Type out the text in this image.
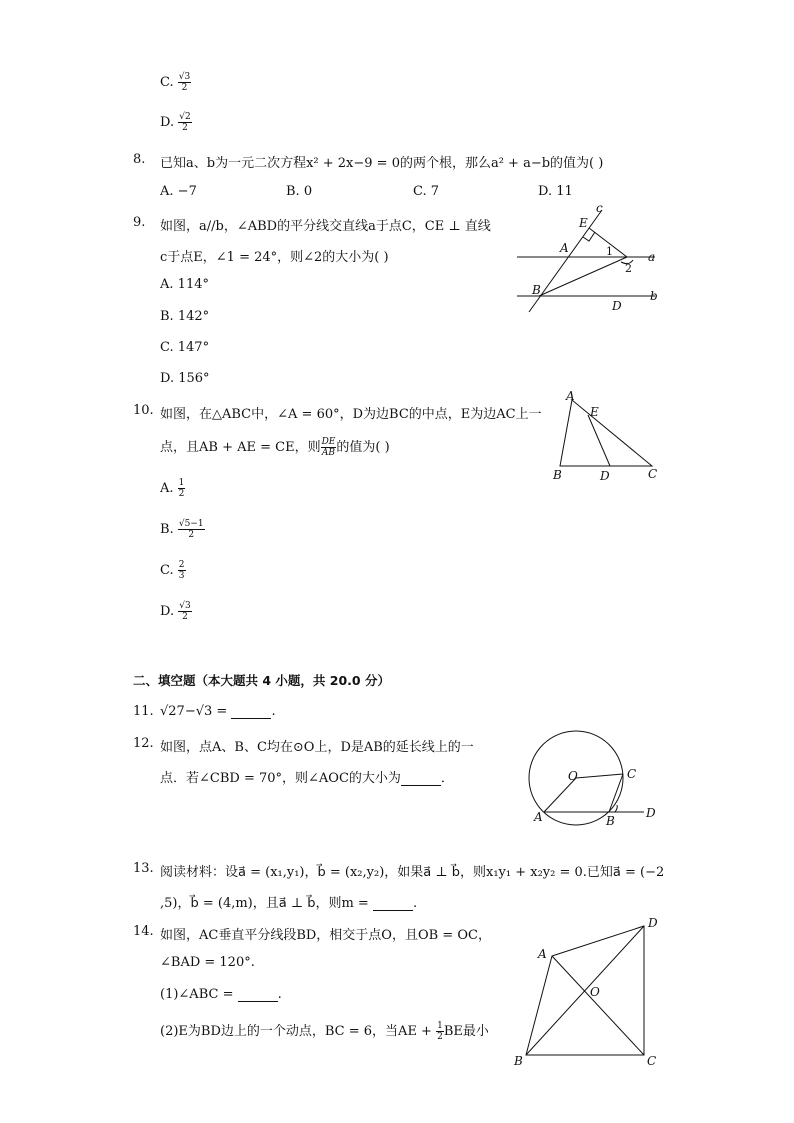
C. $\frac{√3}{2}$
D. $\frac{√2}{2}$
8. 已知a、b为一元二次方程x² + 2x−9 = 0的两个根，那么a² + a−b的值为( )
A. −7	B. 0	C. 7	D. 11
9. 如图，a//b，∠ABD的平分线交直线a于点C，CE ⊥ 直线
c于点E，∠1 = 24°，则∠2的大小为( )
A. 114°
B. 142°
C. 147°
D. 156°
E
c
A	1
2
a
B
D
b
10. 如图，在△ABC中，∠A = 60°，D为边BC的中点，E为边AC上一
点，且AB + AE = CE，则 $\frac{DE}{AB}$ 的值为( )
A. $\frac{1}{2}$
B. $\frac{√5-1}{2}$
C. $\frac{2}{3}$
D. $\frac{√3}{2}$
A
E
B	D	C
二、填空题（本大题共 4 小题，共 20.0 分）
11. √27−√3 =	.
12. 如图，点A、B、C均在⊙O上，D是AB的延长线上的一
点．若∠CBD = 70°，则∠AOC的大小为	．	O	C
D
A	B
13. 阅读材料：设a⃗ = (x₁,y₁)，b⃗ = (x₂,y₂)，如果a⃗ ⊥ b⃗，则x₁y₁ + x₂y₂ = 0.已知a⃗ = (−2
,5)，b⃗ = (4,m)，且a⃗ ⊥ b⃗，则m =	.
14. 如图，AC垂直平分线段BD，相交于点O，且OB = OC，
∠BAD = 120°.
(1)∠ABC =	.
(2)E为BD边上的一个动点，BC = 6，当AE + $\frac{1}{2}$ BE最小
D
A
O
B	C
